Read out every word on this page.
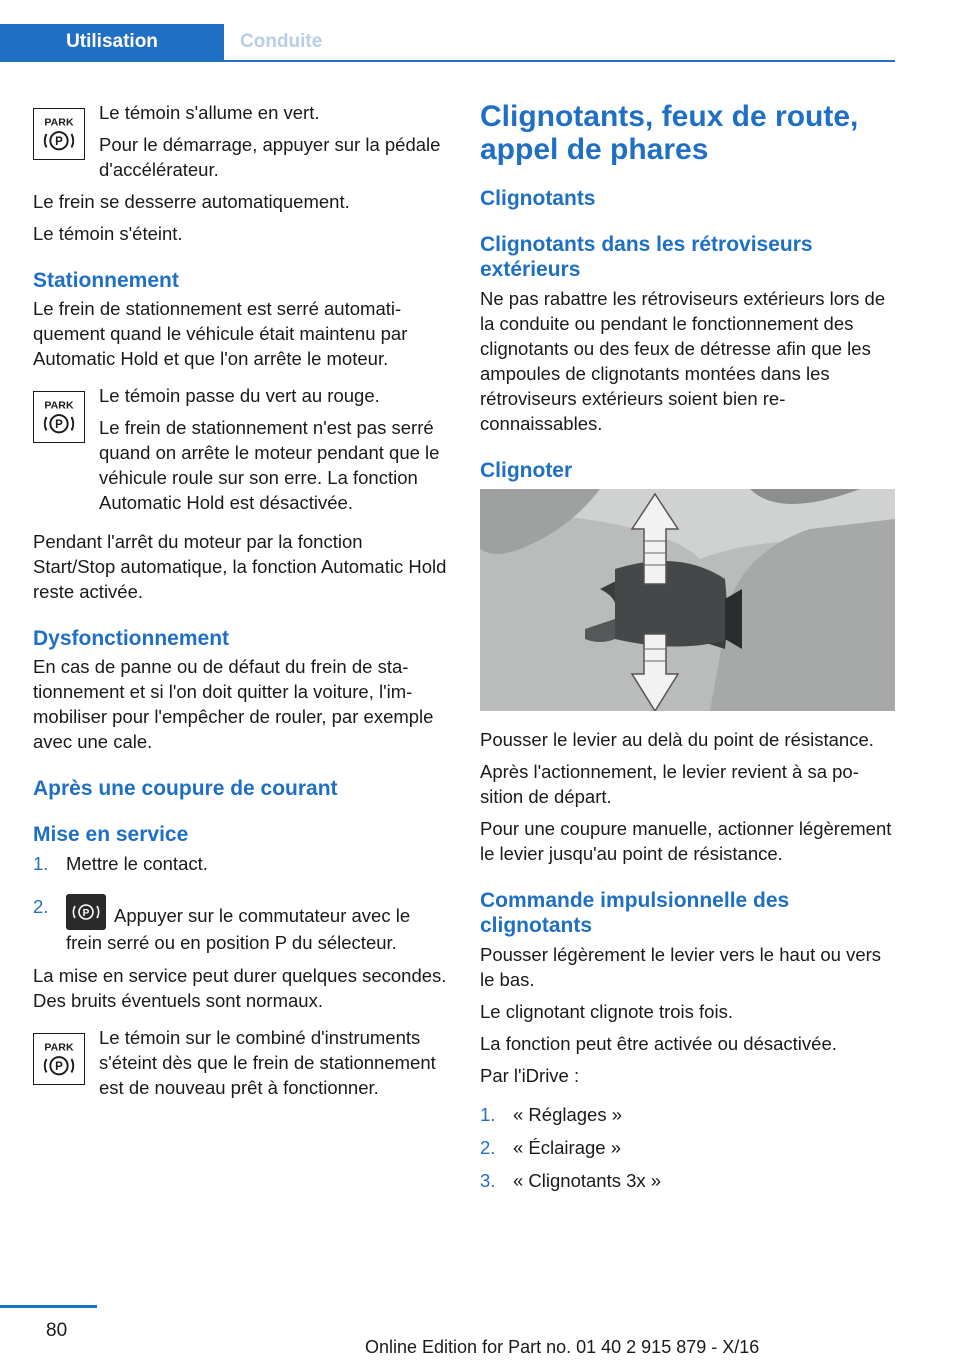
Utilisation	Conduite
PARK
P

Le témoin s'allume en vert.

Pour le démarrage, appuyer sur la pédale d'accélérateur.

Le frein se desserre automatiquement.

Le témoin s'éteint.

Stationnement

Le frein de stationnement est serré automatiquement quand le véhicule était maintenu par Automatic Hold et que l'on arrête le moteur.

PARK
P

Le témoin passe du vert au rouge.

Le frein de stationnement n'est pas serré quand on arrête le moteur pendant que le véhicule roule sur son erre. La fonction Automatic Hold est désactivée.

Pendant l'arrêt du moteur par la fonction Start/Stop automatique, la fonction Automatic Hold reste activée.

Dysfonctionnement

En cas de panne ou de défaut du frein de stationnement et si l'on doit quitter la voiture, l'immobiliser pour l'empêcher de rouler, par exemple avec une cale.

Après une coupure de courant
Mise en service
1. Mettre le contact.
2.	P Appuyer sur le commutateur avec le frein serré ou en position P du sélecteur.

La mise en service peut durer quelques secondes. Des bruits éventuels sont normaux.

PARK
P

Le témoin sur le combiné d'instruments s'éteint dès que le frein de stationnement est de nouveau prêt à fonctionner.

Clignotants, feux de route, appel de phares
Clignotants
Clignotants dans les rétroviseurs extérieurs

Ne pas rabattre les rétroviseurs extérieurs lors de la conduite ou pendant le fonctionnement des clignotants ou des feux de détresse afin que les ampoules de clignotants montées dans les rétroviseurs extérieurs soient bien reconnaissables.

Clignoter

Pousser le levier au delà du point de résistance.

Après l'actionnement, le levier revient à sa position de départ.

Pour une coupure manuelle, actionner légèrement le levier jusqu'au point de résistance.

Commande impulsionnelle des clignotants

Pousser légèrement le levier vers le haut ou vers le bas.

Le clignotant clignote trois fois.

La fonction peut être activée ou désactivée.

Par l'iDrive :

1. « Réglages »
2. « Éclairage »
3. « Clignotants 3x »
80
Online Edition for Part no. 01 40 2 915 879 - X/16
